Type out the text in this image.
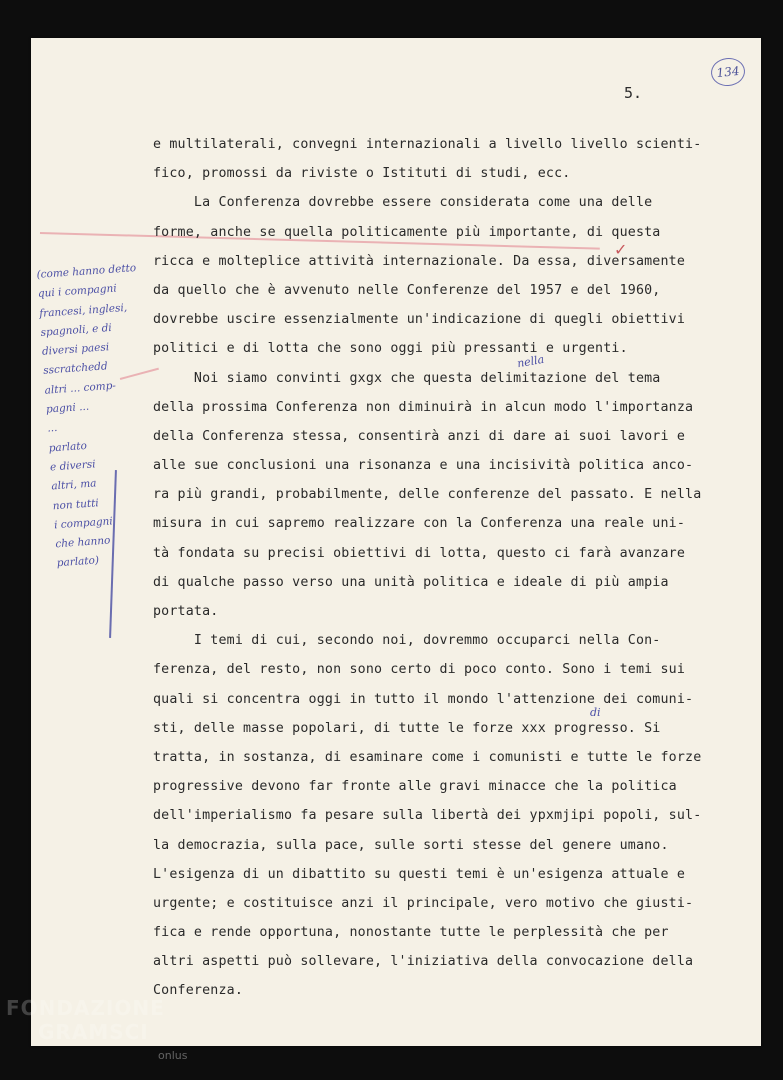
✓
5.
134
nella
di
e multilaterali, convegni internazionali a livello livello scienti-
fico, promossi da riviste o Istituti di studi, ecc.
La Conferenza dovrebbe essere considerata come una delle
forme, anche se quella politicamente più importante, di questa
ricca e molteplice attività internazionale. Da essa, diversamente
da quello che è avvenuto nelle Conferenze del 1957 e del 1960,
dovrebbe uscire essenzialmente un'indicazione di quegli obiettivi
politici e di lotta che sono oggi più pressanti e urgenti.
Noi siamo convinti gxgx che questa delimitazione del tema
della prossima Conferenza non diminuirà in alcun modo l'importanza
della Conferenza stessa, consentirà anzi di dare ai suoi lavori e
alle sue conclusioni una risonanza e una incisività politica anco-
ra più grandi, probabilmente, delle conferenze del passato. E nella
misura in cui sapremo realizzare con la Conferenza una reale uni-
tà fondata su precisi obiettivi di lotta, questo ci farà avanzare
di qualche passo verso una unità politica e ideale di più ampia
portata.
I temi di cui, secondo noi, dovremmo occuparci nella Con-
ferenza, del resto, non sono certo di poco conto. Sono i temi sui
quali si concentra oggi in tutto il mondo l'attenzione dei comuni-
sti, delle masse popolari, di tutte le forze xxx progresso. Si
tratta, in sostanza, di esaminare come i comunisti e tutte le forze
progressive devono far fronte alle gravi minacce che la politica
dell'imperialismo fa pesare sulla libertà dei ypxmjipi popoli, sul-
la democrazia, sulla pace, sulle sorti stesse del genere umano.
L'esigenza di un dibattito su questi temi è un'esigenza attuale e
urgente; e costituisce anzi il principale, vero motivo che giusti-
fica e rende opportuna, nonostante tutte le perplessità che per
altri aspetti può sollevare, l'iniziativa della convocazione della
Conferenza.
(come hanno detto
qui i compagni
francesi, inglesi,
spagnoli, e di
diversi paesi
sscratchedd
altri ... comp-
pagni ...
...
parlato
e diversi
altri, ma
non tutti
i compagni
che hanno
parlato)
FONDAZIONE
GRAMSCI
onlus
